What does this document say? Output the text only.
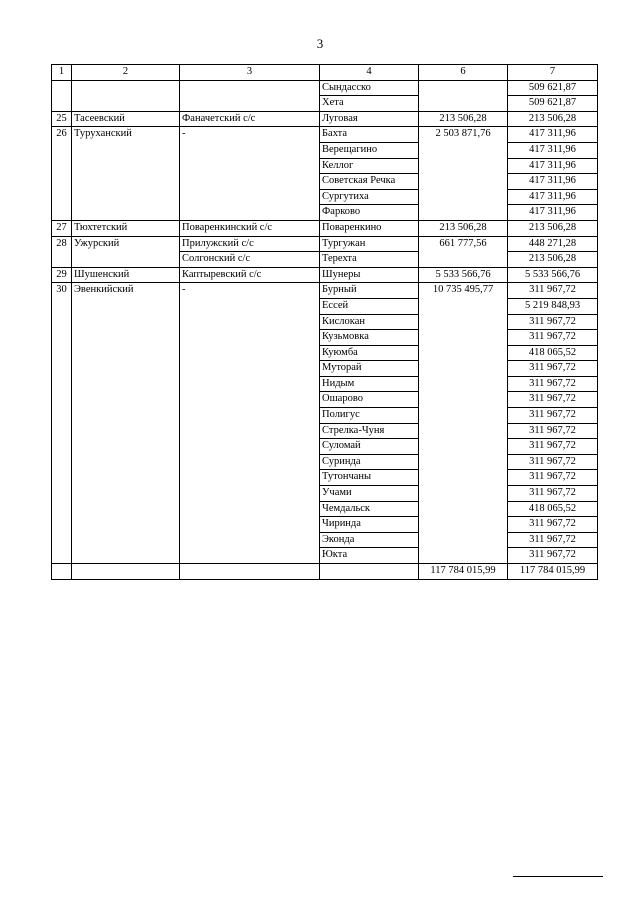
3
1	2	3	4	6	7
			Сындасско		509 621,87
			Хета		509 621,87
25	Тасеевский	Фаначетский с/с	Луговая	213 506,28	213 506,28
26	Туруханский	-	Бахта	2 503 871,76	417 311,96
			Верещагино		417 311,96
			Келлог		417 311,96
			Советская Речка		417 311,96
			Сургутиха		417 311,96
			Фарково		417 311,96
27	Тюхтетский	Поваренкинский с/с	Поваренкино	213 506,28	213 506,28
28	Ужурский	Прилужский с/с	Тургужан	661 777,56	448 271,28
		Солгонский с/с	Терехта		213 506,28
29	Шушенский	Каптыревский с/с	Шунеры	5 533 566,76	5 533 566,76
30	Эвенкийский	-	Бурный	10 735 495,77	311 967,72
			Ессей		5 219 848,93
			Кислокан		311 967,72
			Кузьмовка		311 967,72
			Куюмба		418 065,52
			Муторай		311 967,72
			Нидым		311 967,72
			Ошарово		311 967,72
			Полигус		311 967,72
			Стрелка-Чуня		311 967,72
			Суломай		311 967,72
			Суринда		311 967,72
			Тутончаны		311 967,72
			Учами		311 967,72
			Чемдальск		418 065,52
			Чиринда		311 967,72
			Эконда		311 967,72
			Юкта		311 967,72
				117 784 015,99	117 784 015,99
